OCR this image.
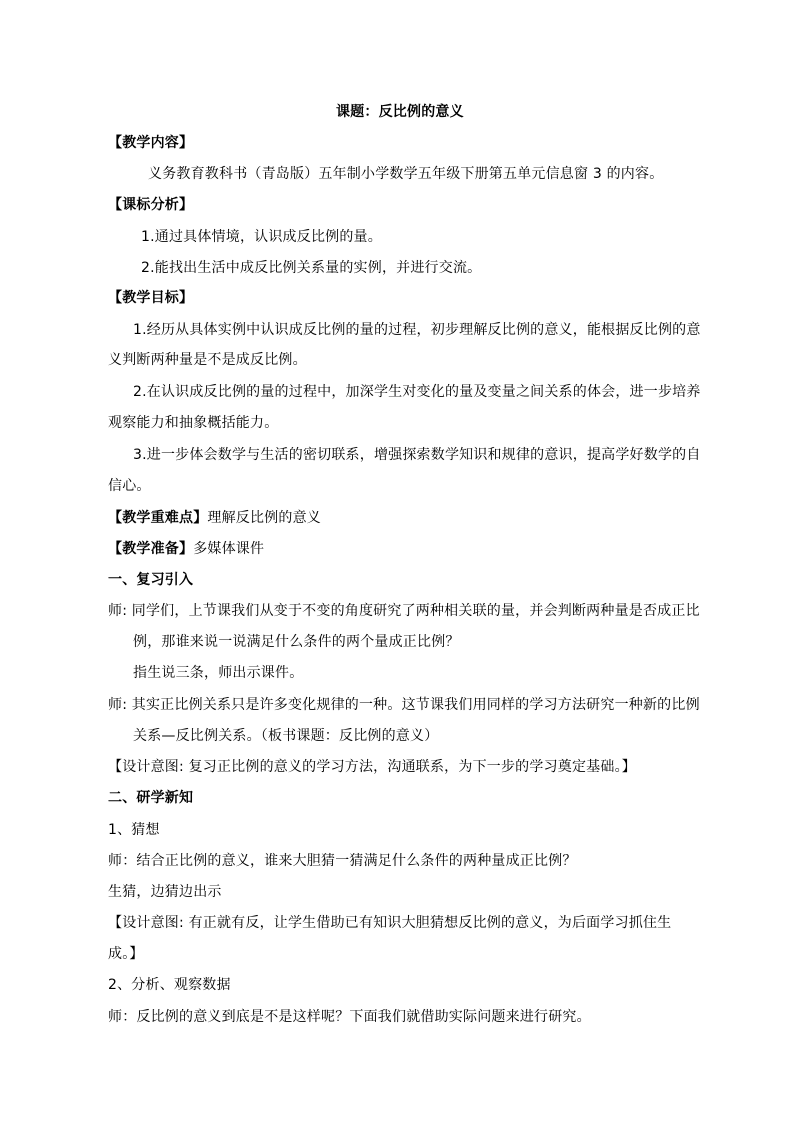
课题：反比例的意义
【教学内容】
义务教育教科书（青岛版）五年制小学数学五年级下册第五单元信息窗 3 的内容。
【课标分析】
1.通过具体情境，认识成反比例的量。
2.能找出生活中成反比例关系量的实例，并进行交流。
【教学目标】
1.经历从具体实例中认识成反比例的量的过程，初步理解反比例的意义，能根据反比例的意
义判断两种量是不是成反比例。
2.在认识成反比例的量的过程中，加深学生对变化的量及变量之间关系的体会，进一步培养
观察能力和抽象概括能力。
3.进一步体会数学与生活的密切联系，增强探索数学知识和规律的意识，提高学好数学的自
信心。
【教学重难点】理解反比例的意义
【教学准备】多媒体课件
一、复习引入
师: 同学们，上节课我们从变于不变的角度研究了两种相关联的量，并会判断两种量是否成正比
例，那谁来说一说满足什么条件的两个量成正比例？
指生说三条，师出示课件。
师: 其实正比例关系只是许多变化规律的一种。这节课我们用同样的学习方法研究一种新的比例
关系—反比例关系。（板书课题：反比例的意义）
【设计意图: 复习正比例的意义的学习方法，沟通联系，为下一步的学习奠定基础。】
二、研学新知
1、猜想
师：结合正比例的意义，谁来大胆猜一猜满足什么条件的两种量成正比例？
生猜，边猜边出示
【设计意图: 有正就有反，让学生借助已有知识大胆猜想反比例的意义，为后面学习抓住生
成。】
2、分析、观察数据
师：反比例的意义到底是不是这样呢？下面我们就借助实际问题来进行研究。
